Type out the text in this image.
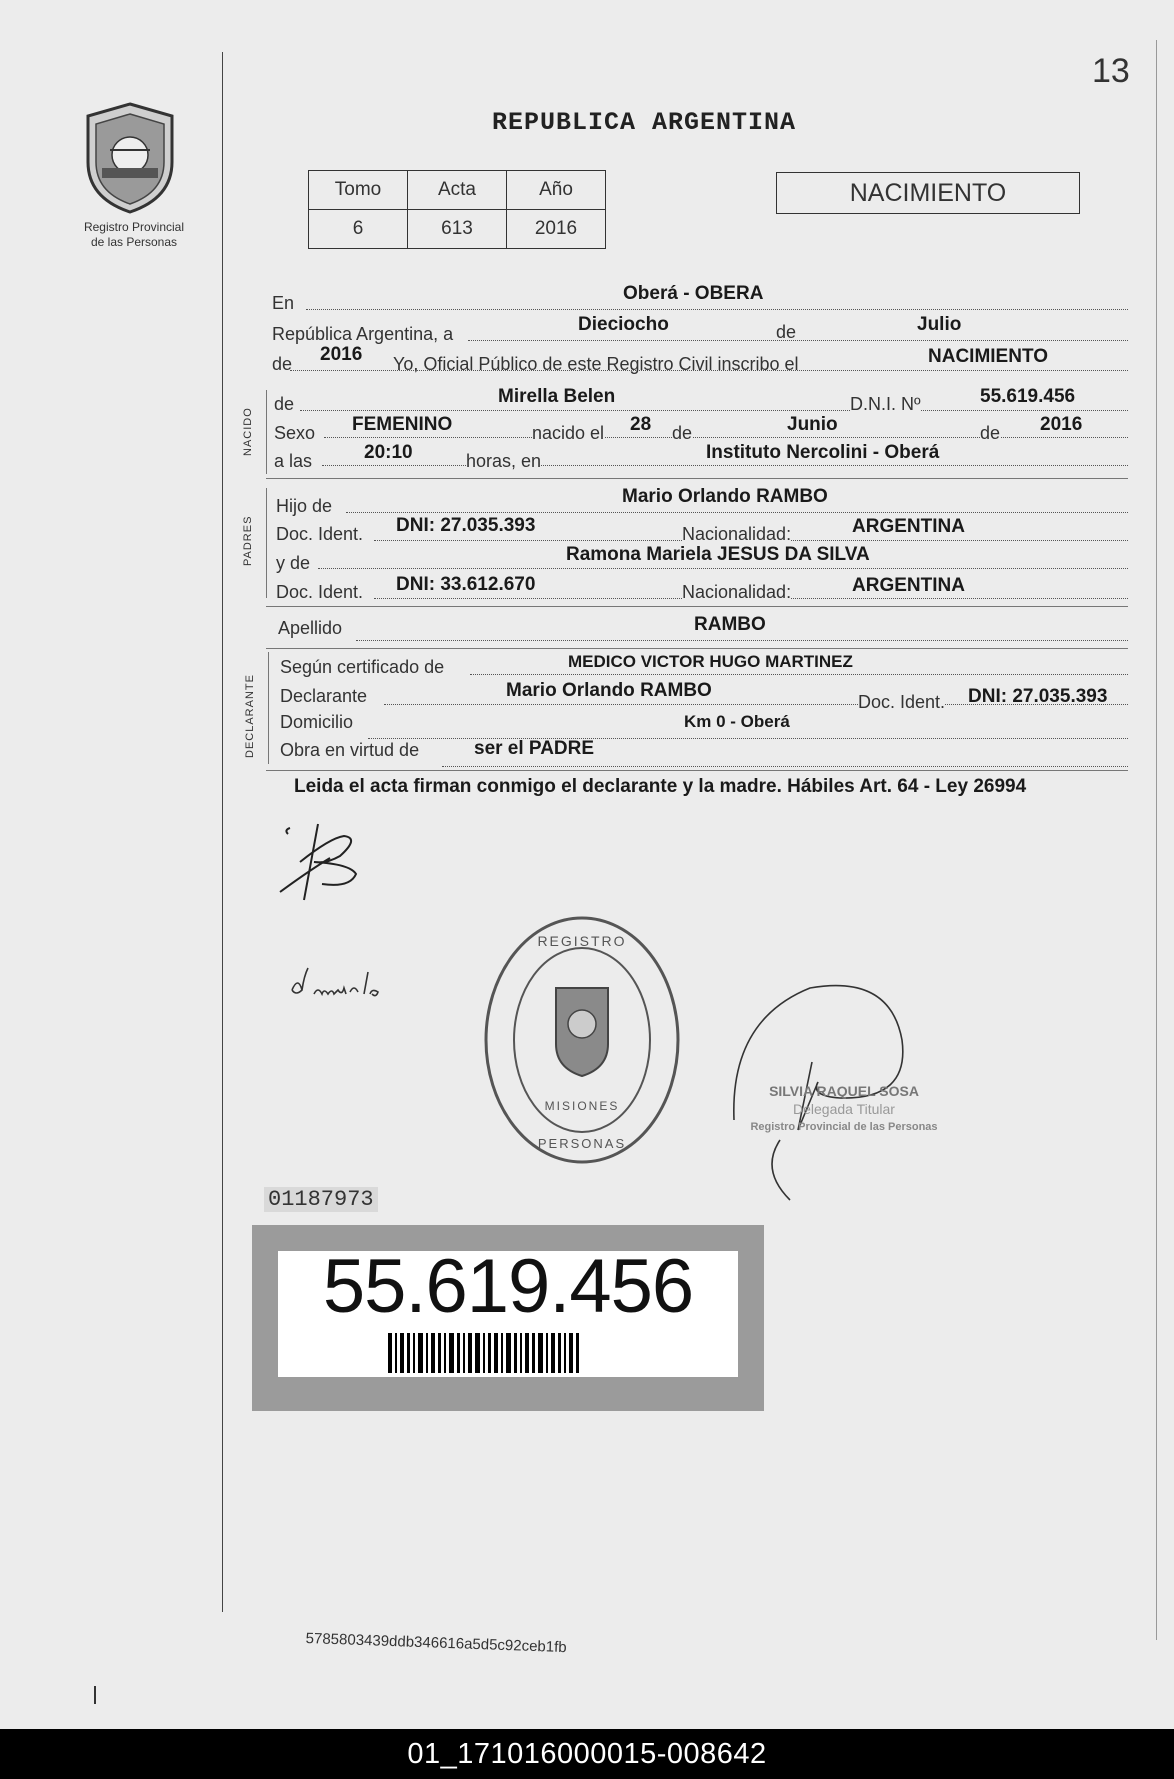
13
Registro Provincial
de las Personas
REPUBLICA ARGENTINA
Tomo	Acta	Año
6	613	2016
NACIMIENTO
En	Oberá - OBERA
República Argentina, a	Dieciocho	de	Julio
de 2016 Yo, Oficial Público de este Registro Civil inscribo el	NACIMIENTO
NACIDO
de	Mirella Belen	D.N.I. Nº	55.619.456
Sexo FEMENINO	nacido el 28 de	Junio	de 2016
a las	20:10	horas, en	Instituto Nercolini - Oberá
PADRES
Hijo de	Mario Orlando RAMBO
Doc. Ident. DNI: 27.035.393	Nacionalidad:	ARGENTINA
y de	Ramona Mariela JESUS DA SILVA
Doc. Ident. DNI: 33.612.670	Nacionalidad:	ARGENTINA
Apellido	RAMBO
DECLARANTE
Según certificado de	MEDICO VICTOR HUGO MARTINEZ
Declarante	Mario Orlando RAMBO
Doc. Ident. DNI: 27.035.393
Domicilio	Km 0 - Oberá
Obra en virtud de	ser el PADRE
Leida el acta firman conmigo el declarante y la madre. Hábiles Art. 64 - Ley 26994
REGISTRO
MISIONES
PERSONAS
SILVIA RAQUEL SOSA
Delegada Titular
Registro Provincial de las Personas
01187973
55.619.456
5785803439ddb346616a5d5c92ceb1fb
01_171016000015-008642
